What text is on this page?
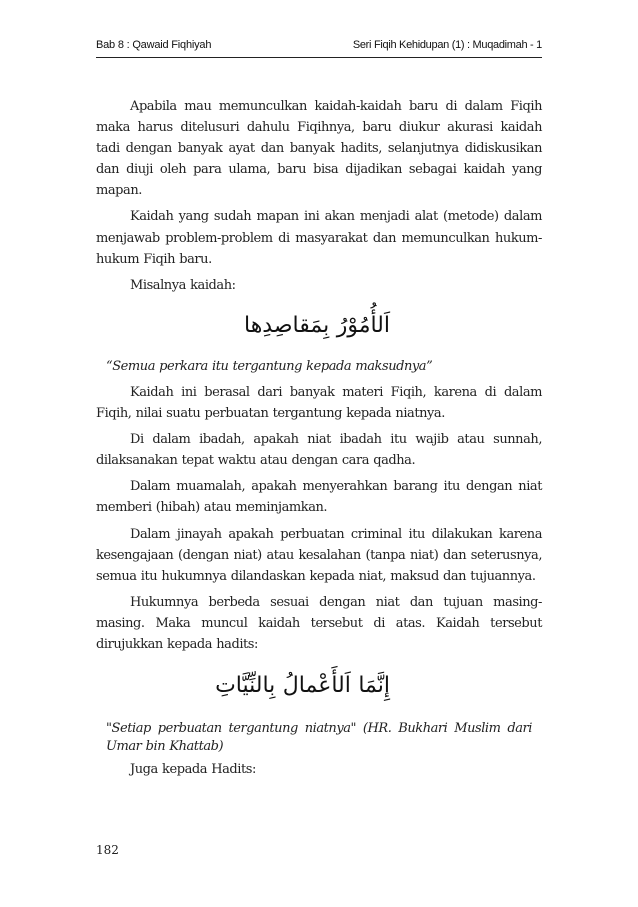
Bab 8 : Qawaid Fiqhiyah	Seri Fiqih Kehidupan (1) : Muqadimah - 1

Apabila mau memunculkan kaidah-kaidah baru di dalam Fiqih maka harus ditelusuri dahulu Fiqihnya, baru diukur akurasi kaidah tadi dengan banyak ayat dan banyak hadits, selanjutnya didiskusikan dan diuji oleh para ulama, baru bisa dijadikan sebagai kaidah yang mapan.

Kaidah yang sudah mapan ini akan menjadi alat (metode) dalam menjawab problem-problem di masyarakat dan memunculkan hukum-hukum Fiqih baru.

Misalnya kaidah:

اَلأُمُوْرُ بِمَقاصِدِها

“Semua perkara itu tergantung kepada maksudnya”

Kaidah ini berasal dari banyak materi Fiqih, karena di dalam Fiqih, nilai suatu perbuatan tergantung kepada niatnya.

Di dalam ibadah, apakah niat ibadah itu wajib atau sunnah, dilaksanakan tepat waktu atau dengan cara qadha.

Dalam muamalah, apakah menyerahkan barang itu dengan niat memberi (hibah) atau meminjamkan.

Dalam jinayah apakah perbuatan criminal itu dilakukan karena kesengajaan (dengan niat) atau kesalahan (tanpa niat) dan seterusnya, semua itu hukumnya dilandaskan kepada niat, maksud dan tujuannya.

Hukumnya berbeda sesuai dengan niat dan tujuan masing-masing. Maka muncul kaidah tersebut di atas. Kaidah tersebut dirujukkan kepada hadits:

إِنَّمَا اَلأَعْمالُ بِالنِّيَّاتِ

"Setiap perbuatan tergantung niatnya" (HR. Bukhari Muslim dari Umar bin Khattab)

Juga kepada Hadits:

182
